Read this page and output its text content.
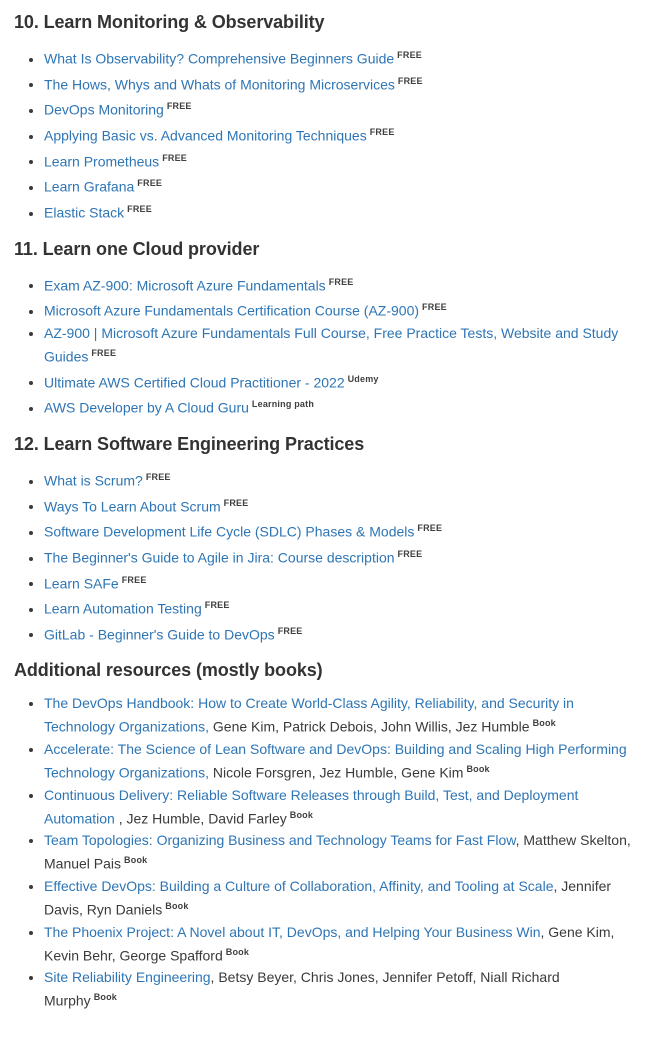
10. Learn Monitoring & Observability
• What Is Observability? Comprehensive Beginners Guide $^{FREE}$
• The Hows, Whys and Whats of Monitoring Microservices $^{FREE}$
• DevOps Monitoring $^{FREE}$
• Applying Basic vs. Advanced Monitoring Techniques $^{FREE}$
• Learn Prometheus $^{FREE}$
• Learn Grafana $^{FREE}$
• Elastic Stack $^{FREE}$
11. Learn one Cloud provider
• Exam AZ-900: Microsoft Azure Fundamentals $^{FREE}$
• Microsoft Azure Fundamentals Certification Course (AZ-900) $^{FREE}$
• AZ-900 | Microsoft Azure Fundamentals Full Course, Free Practice Tests, Website and Study Guides $^{FREE}$
• Ultimate AWS Certified Cloud Practitioner - 2022 $^{Udemy}$
• AWS Developer by A Cloud Guru $^{Learning path}$
12. Learn Software Engineering Practices
• What is Scrum? $^{FREE}$
• Ways To Learn About Scrum $^{FREE}$
• Software Development Life Cycle (SDLC) Phases & Models $^{FREE}$
• The Beginner's Guide to Agile in Jira: Course description $^{FREE}$
• Learn SAFe $^{FREE}$
• Learn Automation Testing $^{FREE}$
• GitLab - Beginner's Guide to DevOps $^{FREE}$
Additional resources (mostly books)
• The DevOps Handbook: How to Create World-Class Agility, Reliability, and Security in Technology Organizations, Gene Kim, Patrick Debois, John Willis, Jez Humble $^{Book}$
• Accelerate: The Science of Lean Software and DevOps: Building and Scaling High Performing Technology Organizations, Nicole Forsgren, Jez Humble, Gene Kim $^{Book}$
• Continuous Delivery: Reliable Software Releases through Build, Test, and Deployment Automation , Jez Humble, David Farley $^{Book}$
• Team Topologies: Organizing Business and Technology Teams for Fast Flow, Matthew Skelton, Manuel Pais $^{Book}$
• Effective DevOps: Building a Culture of Collaboration, Affinity, and Tooling at Scale, Jennifer Davis, Ryn Daniels $^{Book}$
• The Phoenix Project: A Novel about IT, DevOps, and Helping Your Business Win, Gene Kim, Kevin Behr, George Spafford $^{Book}$
• Site Reliability Engineering, Betsy Beyer, Chris Jones, Jennifer Petoff, Niall Richard Murphy $^{Book}$
